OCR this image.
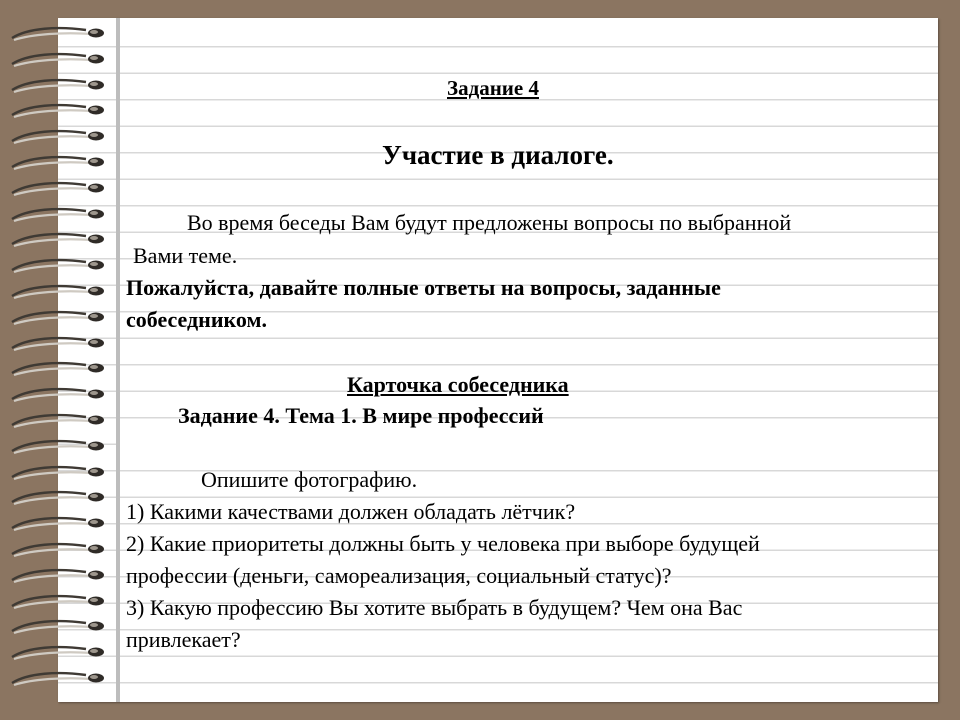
Задание 4
Участие в диалоге.
Во время беседы Вам будут предложены вопросы по выбранной
Вами теме.
Пожалуйста, давайте полные ответы на вопросы, заданные
собеседником.
Карточка собеседника
Задание 4. Тема 1. В мире профессий
Опишите фотографию.
1) Какими качествами должен обладать лётчик?
2) Какие приоритеты должны быть у человека при выборе будущей
профессии (деньги, самореализация, социальный статус)?
3) Какую профессию Вы хотите выбрать в будущем? Чем она Вас
привлекает?
